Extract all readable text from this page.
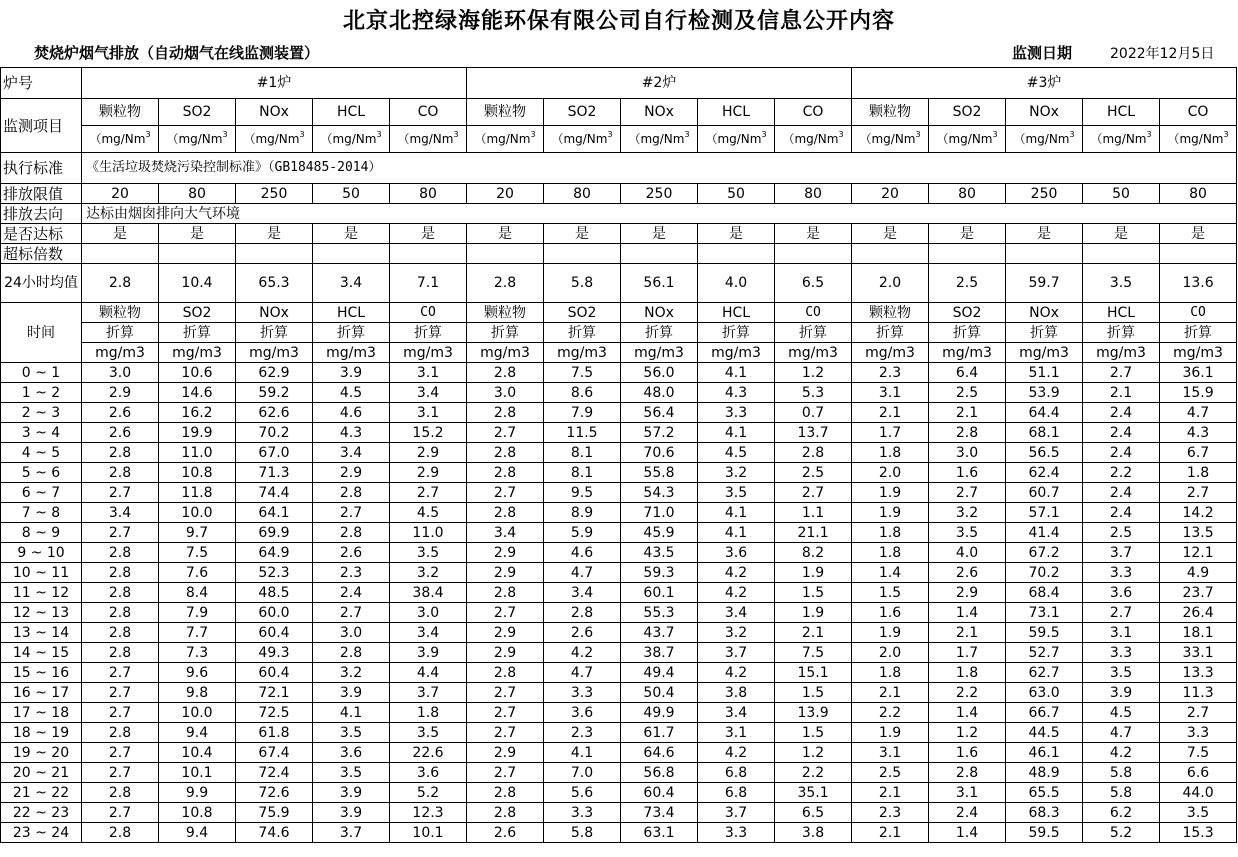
北京北控绿海能环保有限公司自行检测及信息公开内容
焚烧炉烟气排放（自动烟气在线监测装置）	监测日期	2022年12月5日
炉号	#1炉					#2炉					#3炉				
监测项目	颗粒物	SO2	NOx	HCL	CO	颗粒物	SO2	NOx	HCL	CO	颗粒物	SO2	NOx	HCL	CO
	（mg/Nm$^3$	（mg/Nm$^3$	（mg/Nm$^3$	（mg/Nm$^3$	（mg/Nm$^3$	（mg/Nm$^3$	（mg/Nm$^3$	（mg/Nm$^3$	（mg/Nm$^3$	（mg/Nm$^3$	（mg/Nm$^3$	（mg/Nm$^3$	（mg/Nm$^3$	（mg/Nm$^3$	（mg/Nm$^3$
执行标准	《生活垃圾焚烧污染控制标准》（GB18485-2014）														
排放限值	20	80	250	50	80	20	80	250	50	80	20	80	250	50	80
排放去向	达标由烟囱排向大气环境														
是否达标	是	是	是	是	是	是	是	是	是	是	是	是	是	是	是
超标倍数															
24小时均值	2.8	10.4	65.3	3.4	7.1	2.8	5.8	56.1	4.0	6.5	2.0	2.5	59.7	3.5	13.6
时间	颗粒物	SO2	NOx	HCL	CO	颗粒物	SO2	NOx	HCL	CO	颗粒物	SO2	NOx	HCL	CO
	折算	折算	折算	折算	折算	折算	折算	折算	折算	折算	折算	折算	折算	折算	折算
	mg/m3	mg/m3	mg/m3	mg/m3	mg/m3	mg/m3	mg/m3	mg/m3	mg/m3	mg/m3	mg/m3	mg/m3	mg/m3	mg/m3	mg/m3
0 ~ 1	3.0	10.6	62.9	3.9	3.1	2.8	7.5	56.0	4.1	1.2	2.3	6.4	51.1	2.7	36.1
1 ~ 2	2.9	14.6	59.2	4.5	3.4	3.0	8.6	48.0	4.3	5.3	3.1	2.5	53.9	2.1	15.9
2 ~ 3	2.6	16.2	62.6	4.6	3.1	2.8	7.9	56.4	3.3	0.7	2.1	2.1	64.4	2.4	4.7
3 ~ 4	2.6	19.9	70.2	4.3	15.2	2.7	11.5	57.2	4.1	13.7	1.7	2.8	68.1	2.4	4.3
4 ~ 5	2.8	11.0	67.0	3.4	2.9	2.8	8.1	70.6	4.5	2.8	1.8	3.0	56.5	2.4	6.7
5 ~ 6	2.8	10.8	71.3	2.9	2.9	2.8	8.1	55.8	3.2	2.5	2.0	1.6	62.4	2.2	1.8
6 ~ 7	2.7	11.8	74.4	2.8	2.7	2.7	9.5	54.3	3.5	2.7	1.9	2.7	60.7	2.4	2.7
7 ~ 8	3.4	10.0	64.1	2.7	4.5	2.8	8.9	71.0	4.1	1.1	1.9	3.2	57.1	2.4	14.2
8 ~ 9	2.7	9.7	69.9	2.8	11.0	3.4	5.9	45.9	4.1	21.1	1.8	3.5	41.4	2.5	13.5
9 ~ 10	2.8	7.5	64.9	2.6	3.5	2.9	4.6	43.5	3.6	8.2	1.8	4.0	67.2	3.7	12.1
10 ~ 11	2.8	7.6	52.3	2.3	3.2	2.9	4.7	59.3	4.2	1.9	1.4	2.6	70.2	3.3	4.9
11 ~ 12	2.8	8.4	48.5	2.4	38.4	2.8	3.4	60.1	4.2	1.5	1.5	2.9	68.4	3.6	23.7
12 ~ 13	2.8	7.9	60.0	2.7	3.0	2.7	2.8	55.3	3.4	1.9	1.6	1.4	73.1	2.7	26.4
13 ~ 14	2.8	7.7	60.4	3.0	3.4	2.9	2.6	43.7	3.2	2.1	1.9	2.1	59.5	3.1	18.1
14 ~ 15	2.8	7.3	49.3	2.8	3.9	2.9	4.2	38.7	3.7	7.5	2.0	1.7	52.7	3.3	33.1
15 ~ 16	2.7	9.6	60.4	3.2	4.4	2.8	4.7	49.4	4.2	15.1	1.8	1.8	62.7	3.5	13.3
16 ~ 17	2.7	9.8	72.1	3.9	3.7	2.7	3.3	50.4	3.8	1.5	2.1	2.2	63.0	3.9	11.3
17 ~ 18	2.7	10.0	72.5	4.1	1.8	2.7	3.6	49.9	3.4	13.9	2.2	1.4	66.7	4.5	2.7
18 ~ 19	2.8	9.4	61.8	3.5	3.5	2.7	2.3	61.7	3.1	1.5	1.9	1.2	44.5	4.7	3.3
19 ~ 20	2.7	10.4	67.4	3.6	22.6	2.9	4.1	64.6	4.2	1.2	3.1	1.6	46.1	4.2	7.5
20 ~ 21	2.7	10.1	72.4	3.5	3.6	2.7	7.0	56.8	6.8	2.2	2.5	2.8	48.9	5.8	6.6
21 ~ 22	2.8	9.9	72.6	3.9	5.2	2.8	5.6	60.4	6.8	35.1	2.1	3.1	65.5	5.8	44.0
22 ~ 23	2.7	10.8	75.9	3.9	12.3	2.8	3.3	73.4	3.7	6.5	2.3	2.4	68.3	6.2	3.5
23 ~ 24	2.8	9.4	74.6	3.7	10.1	2.6	5.8	63.1	3.3	3.8	2.1	1.4	59.5	5.2	15.3
